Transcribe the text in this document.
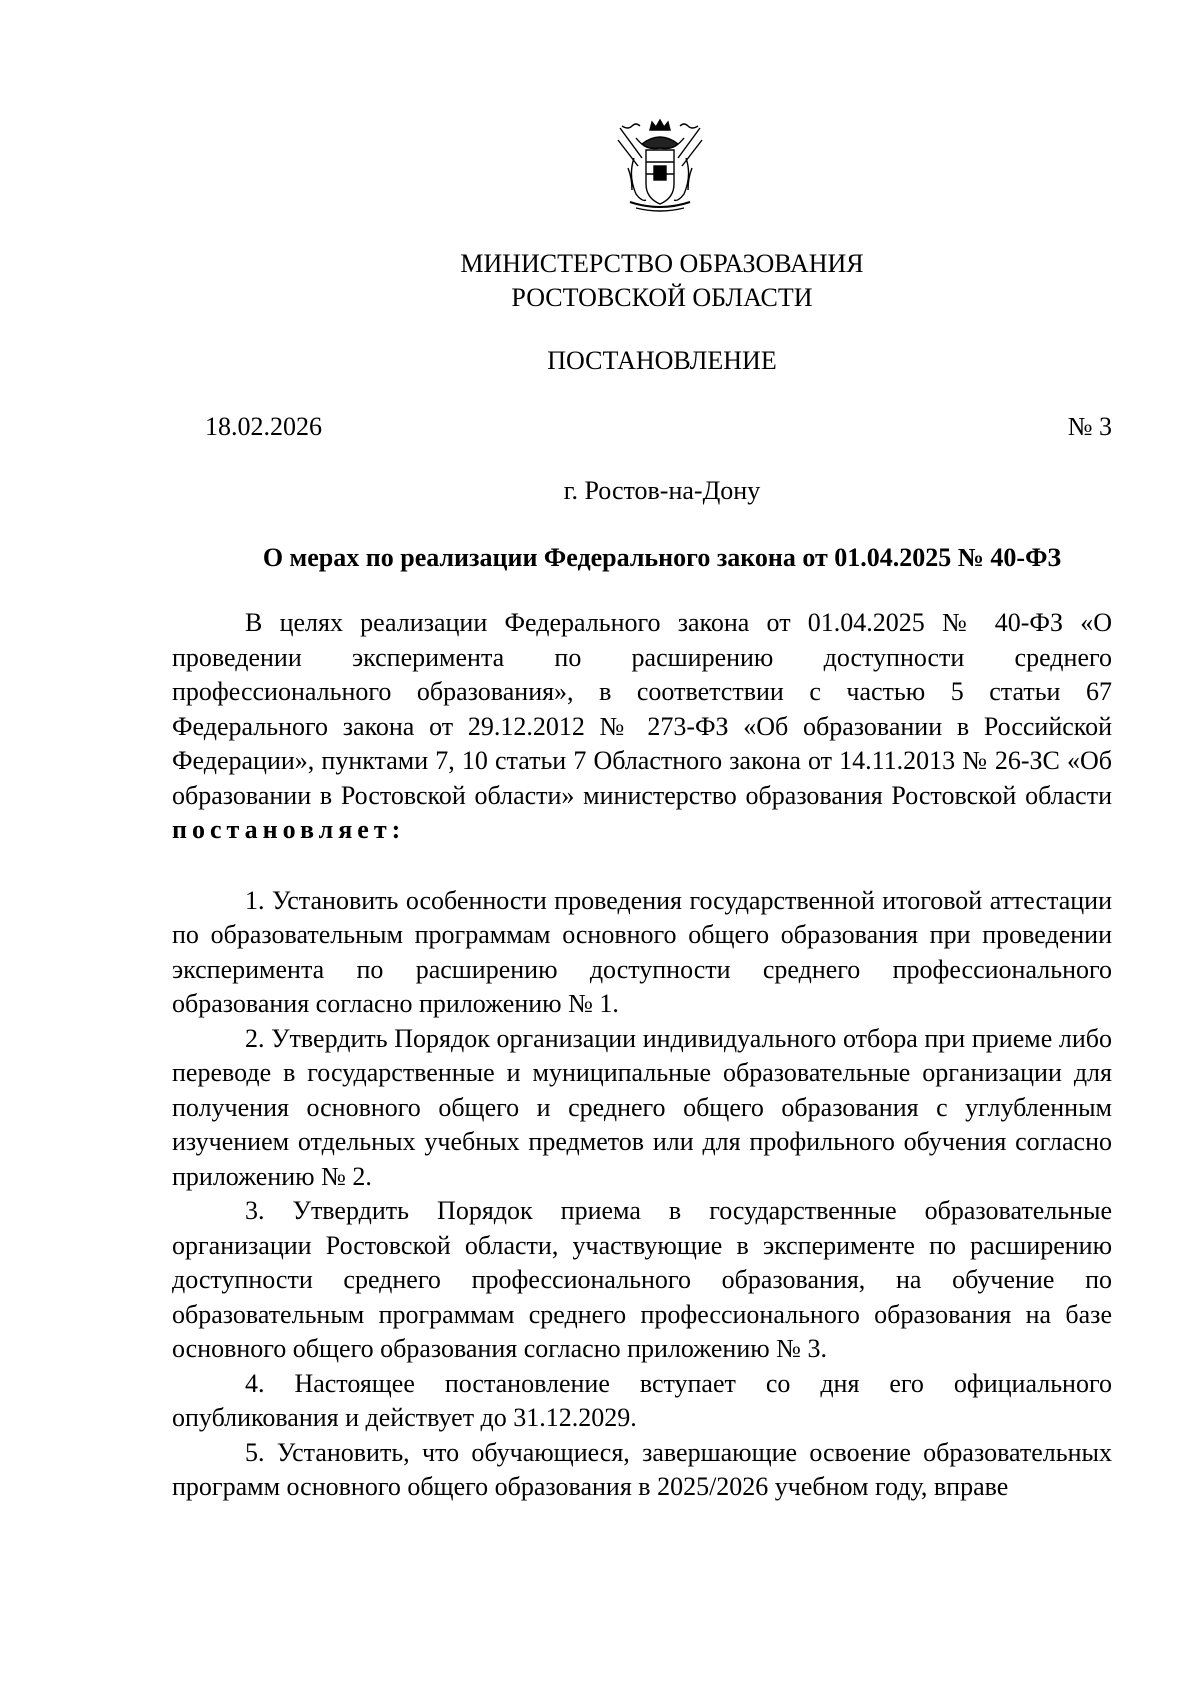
МИНИСТЕРСТВО ОБРАЗОВАНИЯ
РОСТОВСКОЙ ОБЛАСТИ
ПОСТАНОВЛЕНИЕ
18.02.2026	№ 3
г. Ростов-на-Дону
О мерах по реализации Федерального закона от 01.04.2025 № 40-ФЗ

В целях реализации Федерального закона от 01.04.2025 № 40-ФЗ «О проведении эксперимента по расширению доступности среднего профессионального образования», в соответствии с частью 5 статьи 67 Федерального закона от 29.12.2012 № 273-ФЗ «Об образовании в Российской Федерации», пунктами 7, 10 статьи 7 Областного закона от 14.11.2013 № 26-ЗС «Об образовании в Ростовской области» министерство образования Ростовской области постановляет:

1. Установить особенности проведения государственной итоговой аттестации по образовательным программам основного общего образования при проведении эксперимента по расширению доступности среднего профессионального образования согласно приложению № 1.

2. Утвердить Порядок организации индивидуального отбора при приеме либо переводе в государственные и муниципальные образовательные организации для получения основного общего и среднего общего образования с углубленным изучением отдельных учебных предметов или для профильного обучения согласно приложению № 2.

3. Утвердить Порядок приема в государственные образовательные организации Ростовской области, участвующие в эксперименте по расширению доступности среднего профессионального образования, на обучение по образовательным программам среднего профессионального образования на базе основного общего образования согласно приложению № 3.

4. Настоящее постановление вступает со дня его официального опубликования и действует до 31.12.2029.

5. Установить, что обучающиеся, завершающие освоение образовательных программ основного общего образования в 2025/2026 учебном году, вправе
